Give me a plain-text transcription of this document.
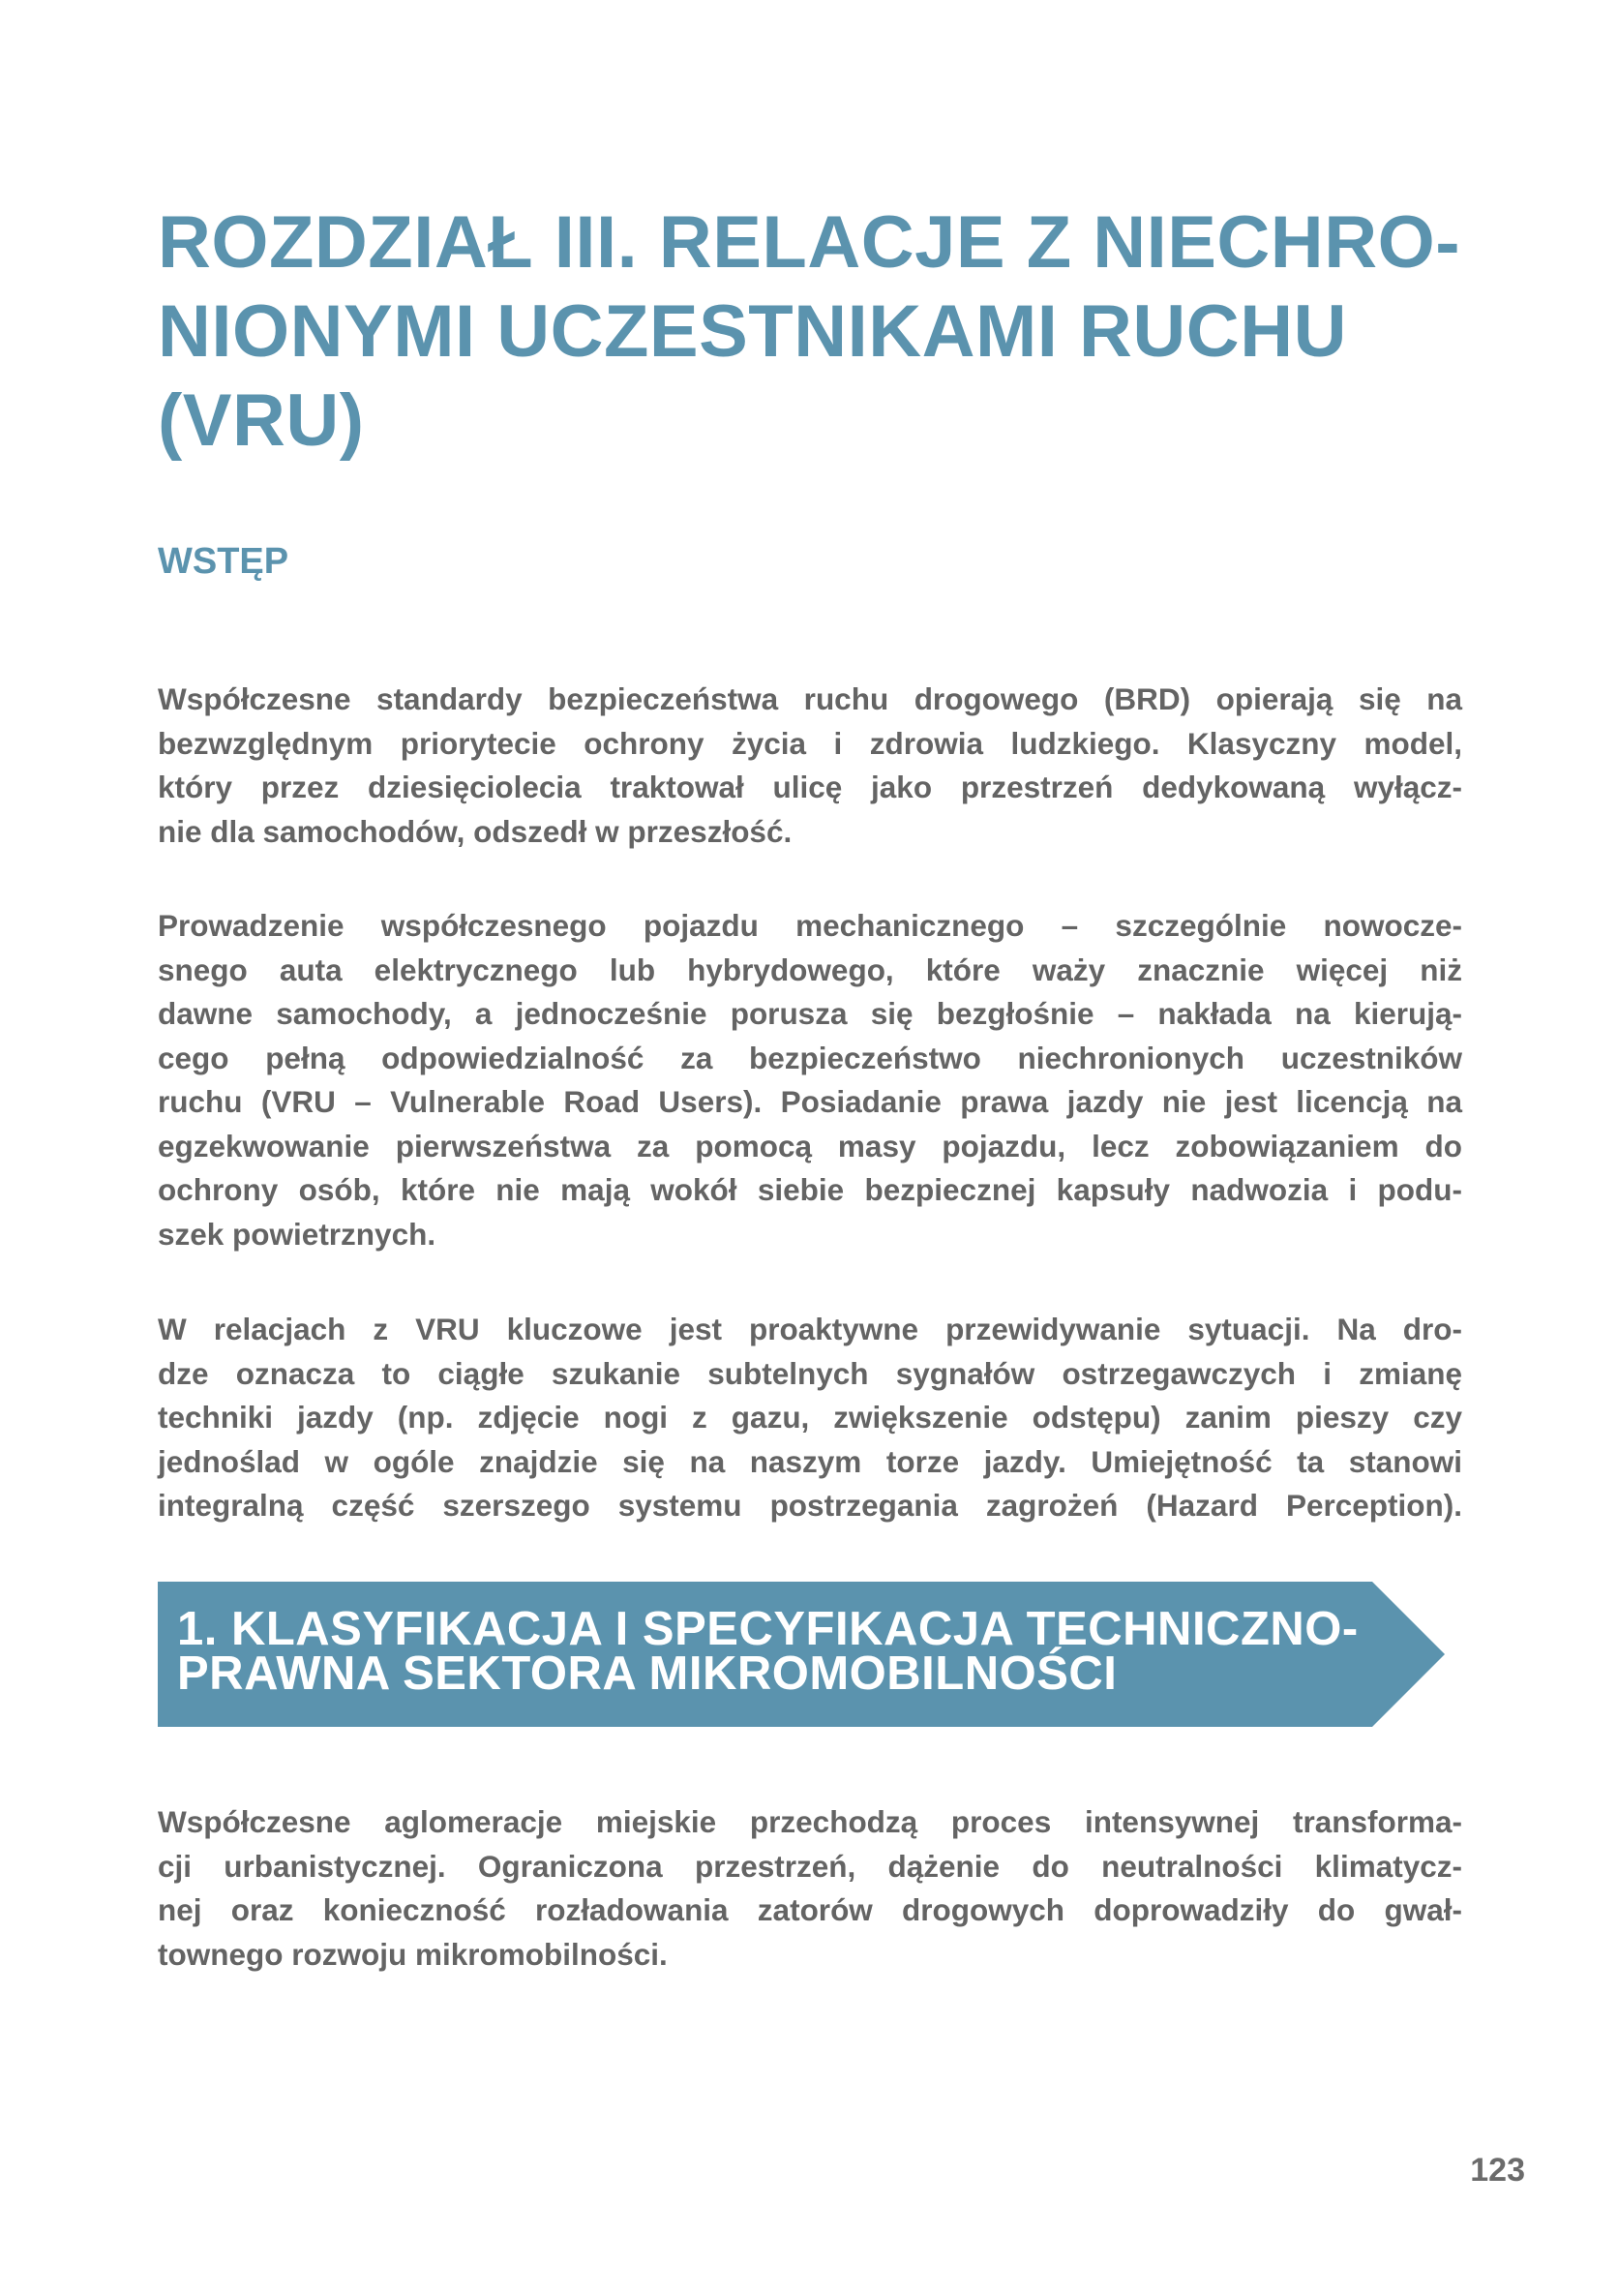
ROZDZIAŁ III. RELACJE Z NIECHRO-
NIONYMI UCZESTNIKAMI RUCHU
(VRU)
WSTĘP

Współczesne standardy bezpieczeństwa ruchu drogowego (BRD) opierają się na
bezwzględnym priorytecie ochrony życia i zdrowia ludzkiego. Klasyczny model,
który przez dziesięciolecia traktował ulicę jako przestrzeń dedykowaną wyłącz-
nie dla samochodów, odszedł w przeszłość.

Prowadzenie współczesnego pojazdu mechanicznego – szczególnie nowocze-
snego auta elektrycznego lub hybrydowego, które waży znacznie więcej niż
dawne samochody, a jednocześnie porusza się bezgłośnie – nakłada na kierują-
cego pełną odpowiedzialność za bezpieczeństwo niechronionych uczestników
ruchu (VRU – Vulnerable Road Users). Posiadanie prawa jazdy nie jest licencją na
egzekwowanie pierwszeństwa za pomocą masy pojazdu, lecz zobowiązaniem do
ochrony osób, które nie mają wokół siebie bezpiecznej kapsuły nadwozia i podu-
szek powietrznych.

W relacjach z VRU kluczowe jest proaktywne przewidywanie sytuacji. Na dro-
dze oznacza to ciągłe szukanie subtelnych sygnałów ostrzegawczych i zmianę
techniki jazdy (np. zdjęcie nogi z gazu, zwiększenie odstępu) zanim pieszy czy
jednoślad w ogóle znajdzie się na naszym torze jazdy. Umiejętność ta stanowi
integralną część szerszego systemu postrzegania zagrożeń (Hazard Perception).

1. KLASYFIKACJA I SPECYFIKACJA TECHNICZNO-
PRAWNA SEKTORA MIKROMOBILNOŚCI

Współczesne aglomeracje miejskie przechodzą proces intensywnej transforma-
cji urbanistycznej. Ograniczona przestrzeń, dążenie do neutralności klimatycz-
nej oraz konieczność rozładowania zatorów drogowych doprowadziły do gwał-
townego rozwoju mikromobilności.

123
